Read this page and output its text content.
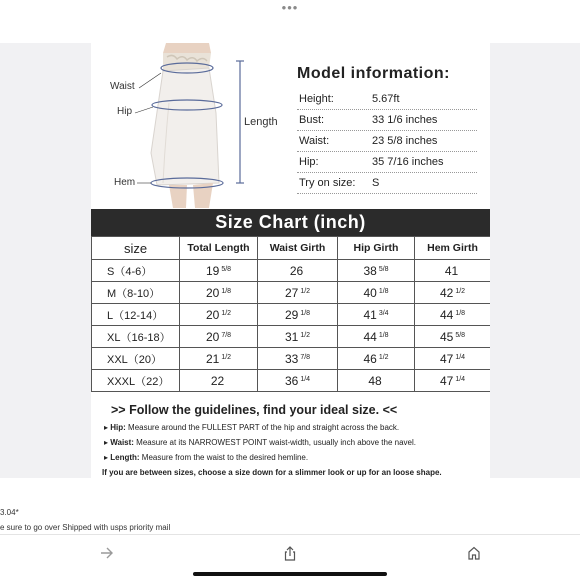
•••
Waist
Hip
Hem
Length
Model information:
Height:	5.67ft
Bust:	33 1/6 inches
Waist:	23 5/8 inches
Hip:	35 7/16 inches
Try on size: S
Size Chart (inch)
size	Total Length	Waist Girth	Hip Girth	Hem Girth
S（4-6）	19 $^{5/8}$	26	38 $^{5/8}$	41
M（8-10）	20 $^{1/8}$	27 $^{1/2}$	40 $^{1/8}$	42 $^{1/2}$
L（12-14）	20 $^{1/2}$	29 $^{1/8}$	41 $^{3/4}$	44 $^{1/8}$
XL（16-18）	20 $^{7/8}$	31 $^{1/2}$	44 $^{1/8}$	45 $^{5/8}$
XXL（20）	21 $^{1/2}$	33 $^{7/8}$	46 $^{1/2}$	47 $^{1/4}$
XXXL（22）	22	36 $^{1/4}$	48	47 $^{1/4}$
>> Follow the guidelines, find your ideal size. <<
▸ Hip: Measure around the FULLEST PART of the hip and straight across the back.
▸ Waist: Measure at its NARROWEST POINT waist-width, usually inch above the navel.
▸ Length: Measure from the waist to the desired hemline.
If you are between sizes, choose a size down for a slimmer look or up for an loose shape.
3.04*
e sure to go over Shipped with usps priority mail
